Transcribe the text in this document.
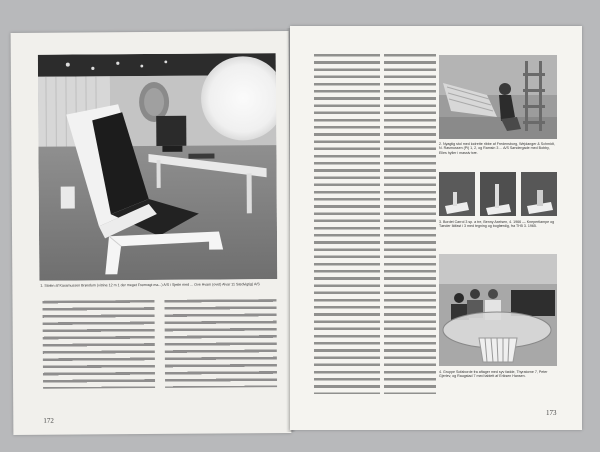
1. Stolen af Kassmussen Brøndum (vitrine 12 m 1 der meget Fremragt ma...) A/S i Sjette med ... Ove Hvam (ovet) Alvar 11 Sædvigtig) A/S
172
2. Nyagtig stol med lodrette ribbe af Fredensborg, Wejdanger & Schmidt, N. Rasmussen (Pi) 1, 2, og Ramsin 3 ... A/S Søndergade med Bobby, Elles hyller i massiv træ.
3. Bordet Carrol 3 sp. a tre, Benny Axelsen, 4. 1966 — Knepertlampe og Tønder Ildfast i 3 med tegning og bogfærdig, fra TH5 3. 1965.
4. Gruppe Sofaborde fra aftager med syv fødde, Thyratorne 7, Peter Gjerlev, og Raugstad 7 med tablett af Eriksen Hansen.
173
